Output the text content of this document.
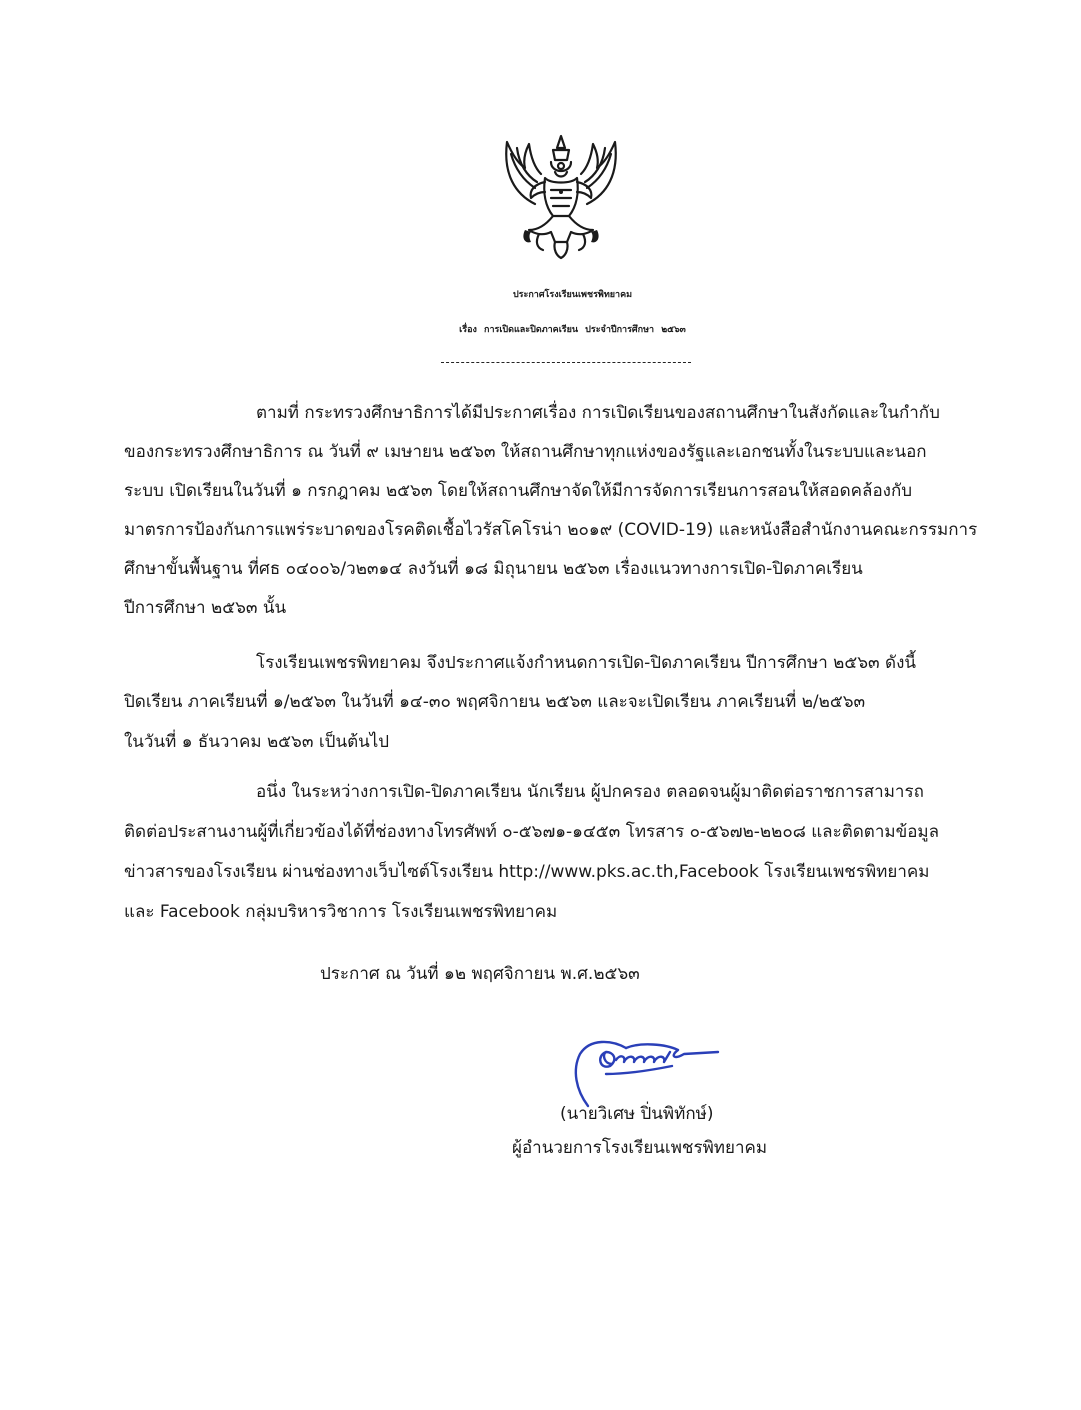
ประกาศโรงเรียนเพชรพิทยาคม
เรื่อง การเปิดและปิดภาคเรียน ประจำปีการศึกษา ๒๕๖๓
ตามที่ กระทรวงศึกษาธิการได้มีประกาศเรื่อง การเปิดเรียนของสถานศึกษาในสังกัดและในกำกับ
ของกระทรวงศึกษาธิการ ณ วันที่ ๙ เมษายน ๒๕๖๓ ให้สถานศึกษาทุกแห่งของรัฐและเอกชนทั้งในระบบและนอก
ระบบ เปิดเรียนในวันที่ ๑ กรกฎาคม ๒๕๖๓ โดยให้สถานศึกษาจัดให้มีการจัดการเรียนการสอนให้สอดคล้องกับ
มาตรการป้องกันการแพร่ระบาดของโรคติดเชื้อไวรัสโคโรน่า ๒๐๑๙ (COVID-19) และหนังสือสำนักงานคณะกรรมการ
ศึกษาขั้นพื้นฐาน ที่ศธ ๐๔๐๐๖/ว๒๓๑๔ ลงวันที่ ๑๘ มิถุนายน ๒๕๖๓ เรื่องแนวทางการเปิด-ปิดภาคเรียน
ปีการศึกษา ๒๕๖๓ นั้น
โรงเรียนเพชรพิทยาคม จึงประกาศแจ้งกำหนดการเปิด-ปิดภาคเรียน ปีการศึกษา ๒๕๖๓ ดังนี้
ปิดเรียน ภาคเรียนที่ ๑/๒๕๖๓ ในวันที่ ๑๔-๓๐ พฤศจิกายน ๒๕๖๓ และจะเปิดเรียน ภาคเรียนที่ ๒/๒๕๖๓
ในวันที่ ๑ ธันวาคม ๒๕๖๓ เป็นต้นไป
อนึ่ง ในระหว่างการเปิด-ปิดภาคเรียน นักเรียน ผู้ปกครอง ตลอดจนผู้มาติดต่อราชการสามารถ
ติดต่อประสานงานผู้ที่เกี่ยวข้องได้ที่ช่องทางโทรศัพท์ ๐-๕๖๗๑-๑๔๕๓ โทรสาร ๐-๕๖๗๒-๒๒๐๘ และติดตามข้อมูล
ข่าวสารของโรงเรียน ผ่านช่องทางเว็บไซต์โรงเรียน http://www.pks.ac.th,Facebook โรงเรียนเพชรพิทยาคม
และ Facebook กลุ่มบริหารวิชาการ โรงเรียนเพชรพิทยาคม
ประกาศ ณ วันที่ ๑๒ พฤศจิกายน พ.ศ.๒๕๖๓
(นายวิเศษ ปิ่นพิทักษ์)
ผู้อำนวยการโรงเรียนเพชรพิทยาคม
